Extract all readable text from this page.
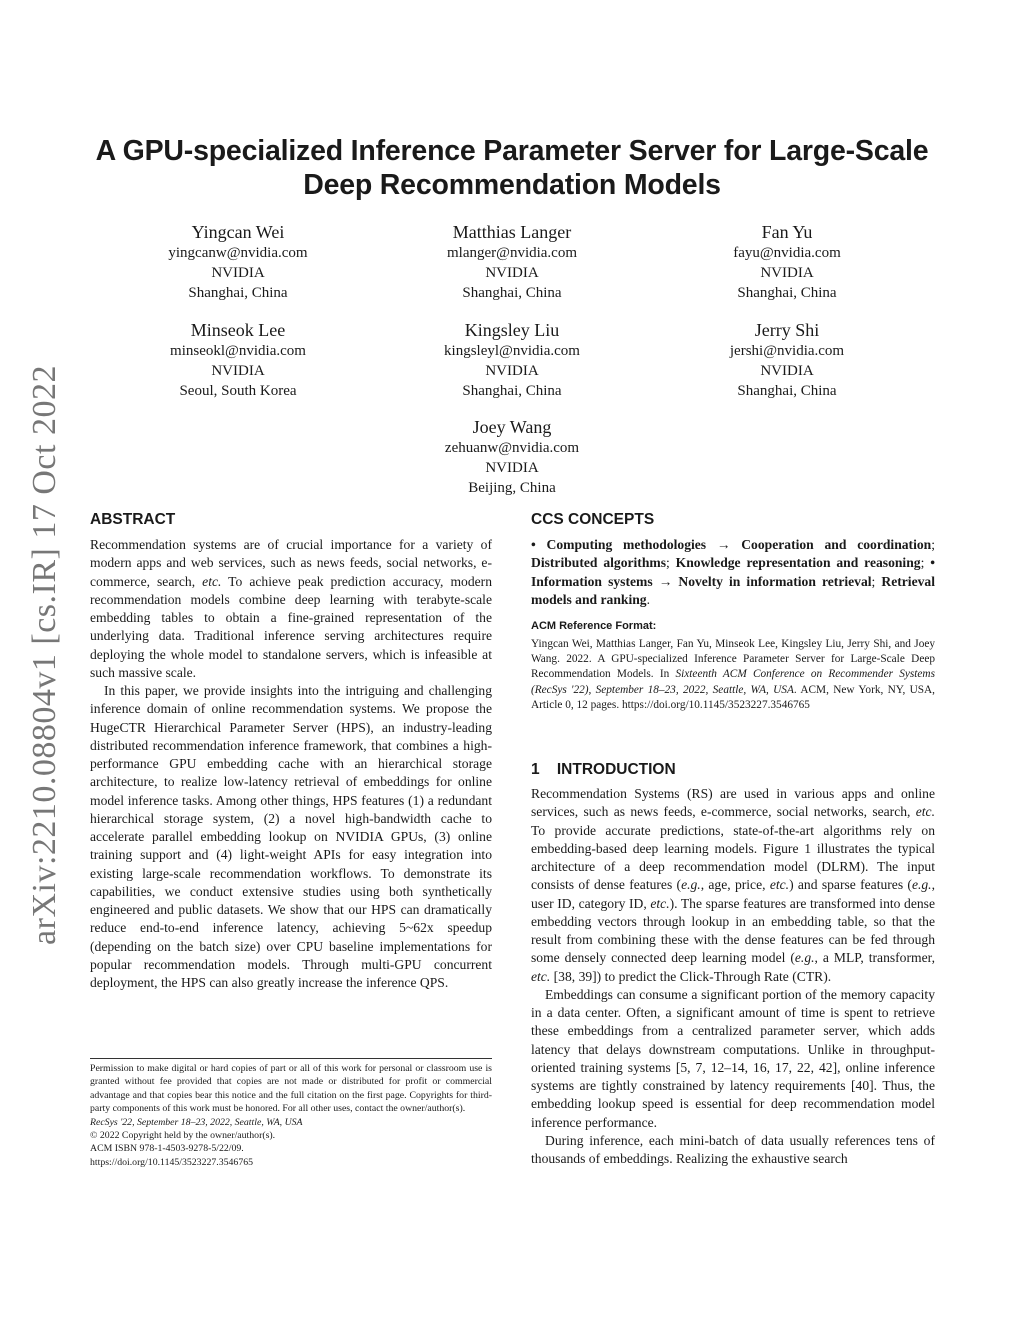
arXiv:2210.08804v1 [cs.IR] 17 Oct 2022
A GPU-specialized Inference Parameter Server for Large-Scale
Deep Recommendation Models
Yingcan Wei
yingcanw@nvidia.com
NVIDIA
Shanghai, China
Matthias Langer
mlanger@nvidia.com
NVIDIA
Shanghai, China
Fan Yu
fayu@nvidia.com
NVIDIA
Shanghai, China
Minseok Lee
minseokl@nvidia.com
NVIDIA
Seoul, South Korea
Kingsley Liu
kingsleyl@nvidia.com
NVIDIA
Shanghai, China
Jerry Shi
jershi@nvidia.com
NVIDIA
Shanghai, China
Joey Wang
zehuanw@nvidia.com
NVIDIA
Beijing, China
ABSTRACT

Recommendation systems are of crucial importance for a variety of modern apps and web services, such as news feeds, social networks, e-commerce, search, etc. To achieve peak prediction accuracy, modern recommendation models combine deep learning with terabyte-scale embedding tables to obtain a fine-grained representation of the underlying data. Traditional inference serving architectures require deploying the whole model to standalone servers, which is infeasible at such massive scale.

In this paper, we provide insights into the intriguing and challenging inference domain of online recommendation systems. We propose the HugeCTR Hierarchical Parameter Server (HPS), an industry-leading distributed recommendation inference framework, that combines a high-performance GPU embedding cache with an hierarchical storage architecture, to realize low-latency retrieval of embeddings for online model inference tasks. Among other things, HPS features (1) a redundant hierarchical storage system, (2) a novel high-bandwidth cache to accelerate parallel embedding lookup on NVIDIA GPUs, (3) online training support and (4) light-weight APIs for easy integration into existing large-scale recommendation workflows. To demonstrate its capabilities, we conduct extensive studies using both synthetically engineered and public datasets. We show that our HPS can dramatically reduce end-to-end inference latency, achieving 5~62x speedup (depending on the batch size) over CPU baseline implementations for popular recommendation models. Through multi-GPU concurrent deployment, the HPS can also greatly increase the inference QPS.

Permission to make digital or hard copies of part or all of this work for personal or classroom use is granted without fee provided that copies are not made or distributed for profit or commercial advantage and that copies bear this notice and the full citation on the first page. Copyrights for third-party components of this work must be honored. For all other uses, contact the owner/author(s).
RecSys '22, September 18–23, 2022, Seattle, WA, USA
© 2022 Copyright held by the owner/author(s).
ACM ISBN 978-1-4503-9278-5/22/09.
https://doi.org/10.1145/3523227.3546765
CCS CONCEPTS
• Computing methodologies → Cooperation and coordination; Distributed algorithms; Knowledge representation and reasoning; • Information systems → Novelty in information retrieval; Retrieval models and ranking.
ACM Reference Format:
Yingcan Wei, Matthias Langer, Fan Yu, Minseok Lee, Kingsley Liu, Jerry Shi, and Joey Wang. 2022. A GPU-specialized Inference Parameter Server for Large-Scale Deep Recommendation Models. In Sixteenth ACM Conference on Recommender Systems (RecSys '22), September 18–23, 2022, Seattle, WA, USA. ACM, New York, NY, USA, Article 0, 12 pages. https://doi.org/10.1145/3523227.3546765
1    INTRODUCTION

Recommendation Systems (RS) are used in various apps and online services, such as news feeds, e-commerce, social networks, search, etc. To provide accurate predictions, state-of-the-art algorithms rely on embedding-based deep learning models. Figure 1 illustrates the typical architecture of a deep recommendation model (DLRM). The input consists of dense features (e.g., age, price, etc.) and sparse features (e.g., user ID, category ID, etc.). The sparse features are transformed into dense embedding vectors through lookup in an embedding table, so that the result from combining these with the dense features can be fed through some densely connected deep learning model (e.g., a MLP, transformer, etc. [38, 39]) to predict the Click-Through Rate (CTR).

Embeddings can consume a significant portion of the memory capacity in a data center. Often, a significant amount of time is spent to retrieve these embeddings from a centralized parameter server, which adds latency that delays downstream computations. Unlike in throughput-oriented training systems [5, 7, 12–14, 16, 17, 22, 42], online inference systems are tightly constrained by latency requirements [40]. Thus, the embedding lookup speed is essential for deep recommendation model inference performance.

During inference, each mini-batch of data usually references tens of thousands of embeddings. Realizing the exhaustive search
